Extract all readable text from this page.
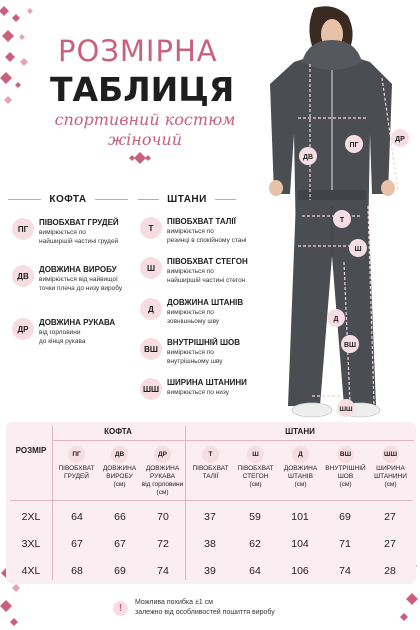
РОЗМІРНА
ТАБЛИЦЯ
спортивний костюм
жіночий	ПГ
ДВ
ДР
Т
Ш
Д
ВШ
ШШ
КОФТА	ШТАНИ
ПГ
ПІВОБХВАТ ГРУДЕЙ
вимірюється по
найширшій частині грудей
ДВ
ДОВЖИНА ВИРОБУ
вимірюється від найвищої
точки плеча до низу виробу
ДР
ДОВЖИНА РУКАВА
від горловини
до кінця рукава
Т
ПІВОБХВАТ ТАЛІЇ
вимірюється по
резинці в спокійному стані
Ш
ПІВОБХВАТ СТЕГОН
вимірюється по
найширшій частині стегон
Д
ДОВЖИНА ШТАНІВ
вимірюється по
зовнішньому шву
ВШ
ВНУТРІШНІЙ ШОВ
вимірюється по
внутрішньому шву
ШШ
ШИРИНА ШТАНИНИ
вимірюється по низу
РОЗМІР
КОФТА	ШТАНИ
ПГ
ПІВОБХВАТ
ГРУДЕЙ
ДВ
ДОВЖИНА
ВИРОБУ
(см)
ДР
ДОВЖИНА
РУКАВА
від горловини (см)
Т
ПІВОБХВАТ
ТАЛІЇ
Ш
ПІВОБХВАТ
СТЕГОН
(см)
Д
ДОВЖИНА
ШТАНІВ
(см)
ВШ
ВНУТРІШНІЙ
ШОВ
(см)
ШШ
ШИРИНА
ШТАНИНИ
(см)
2XL	64	66	70	37	59	101	69	27
3XL	67	67	72	38	62	104	71	27
4XL	68	69	74	39	64	106	74	28
!	Можлива похибка ±1 см
залежно від особливостей пошиття виробу
